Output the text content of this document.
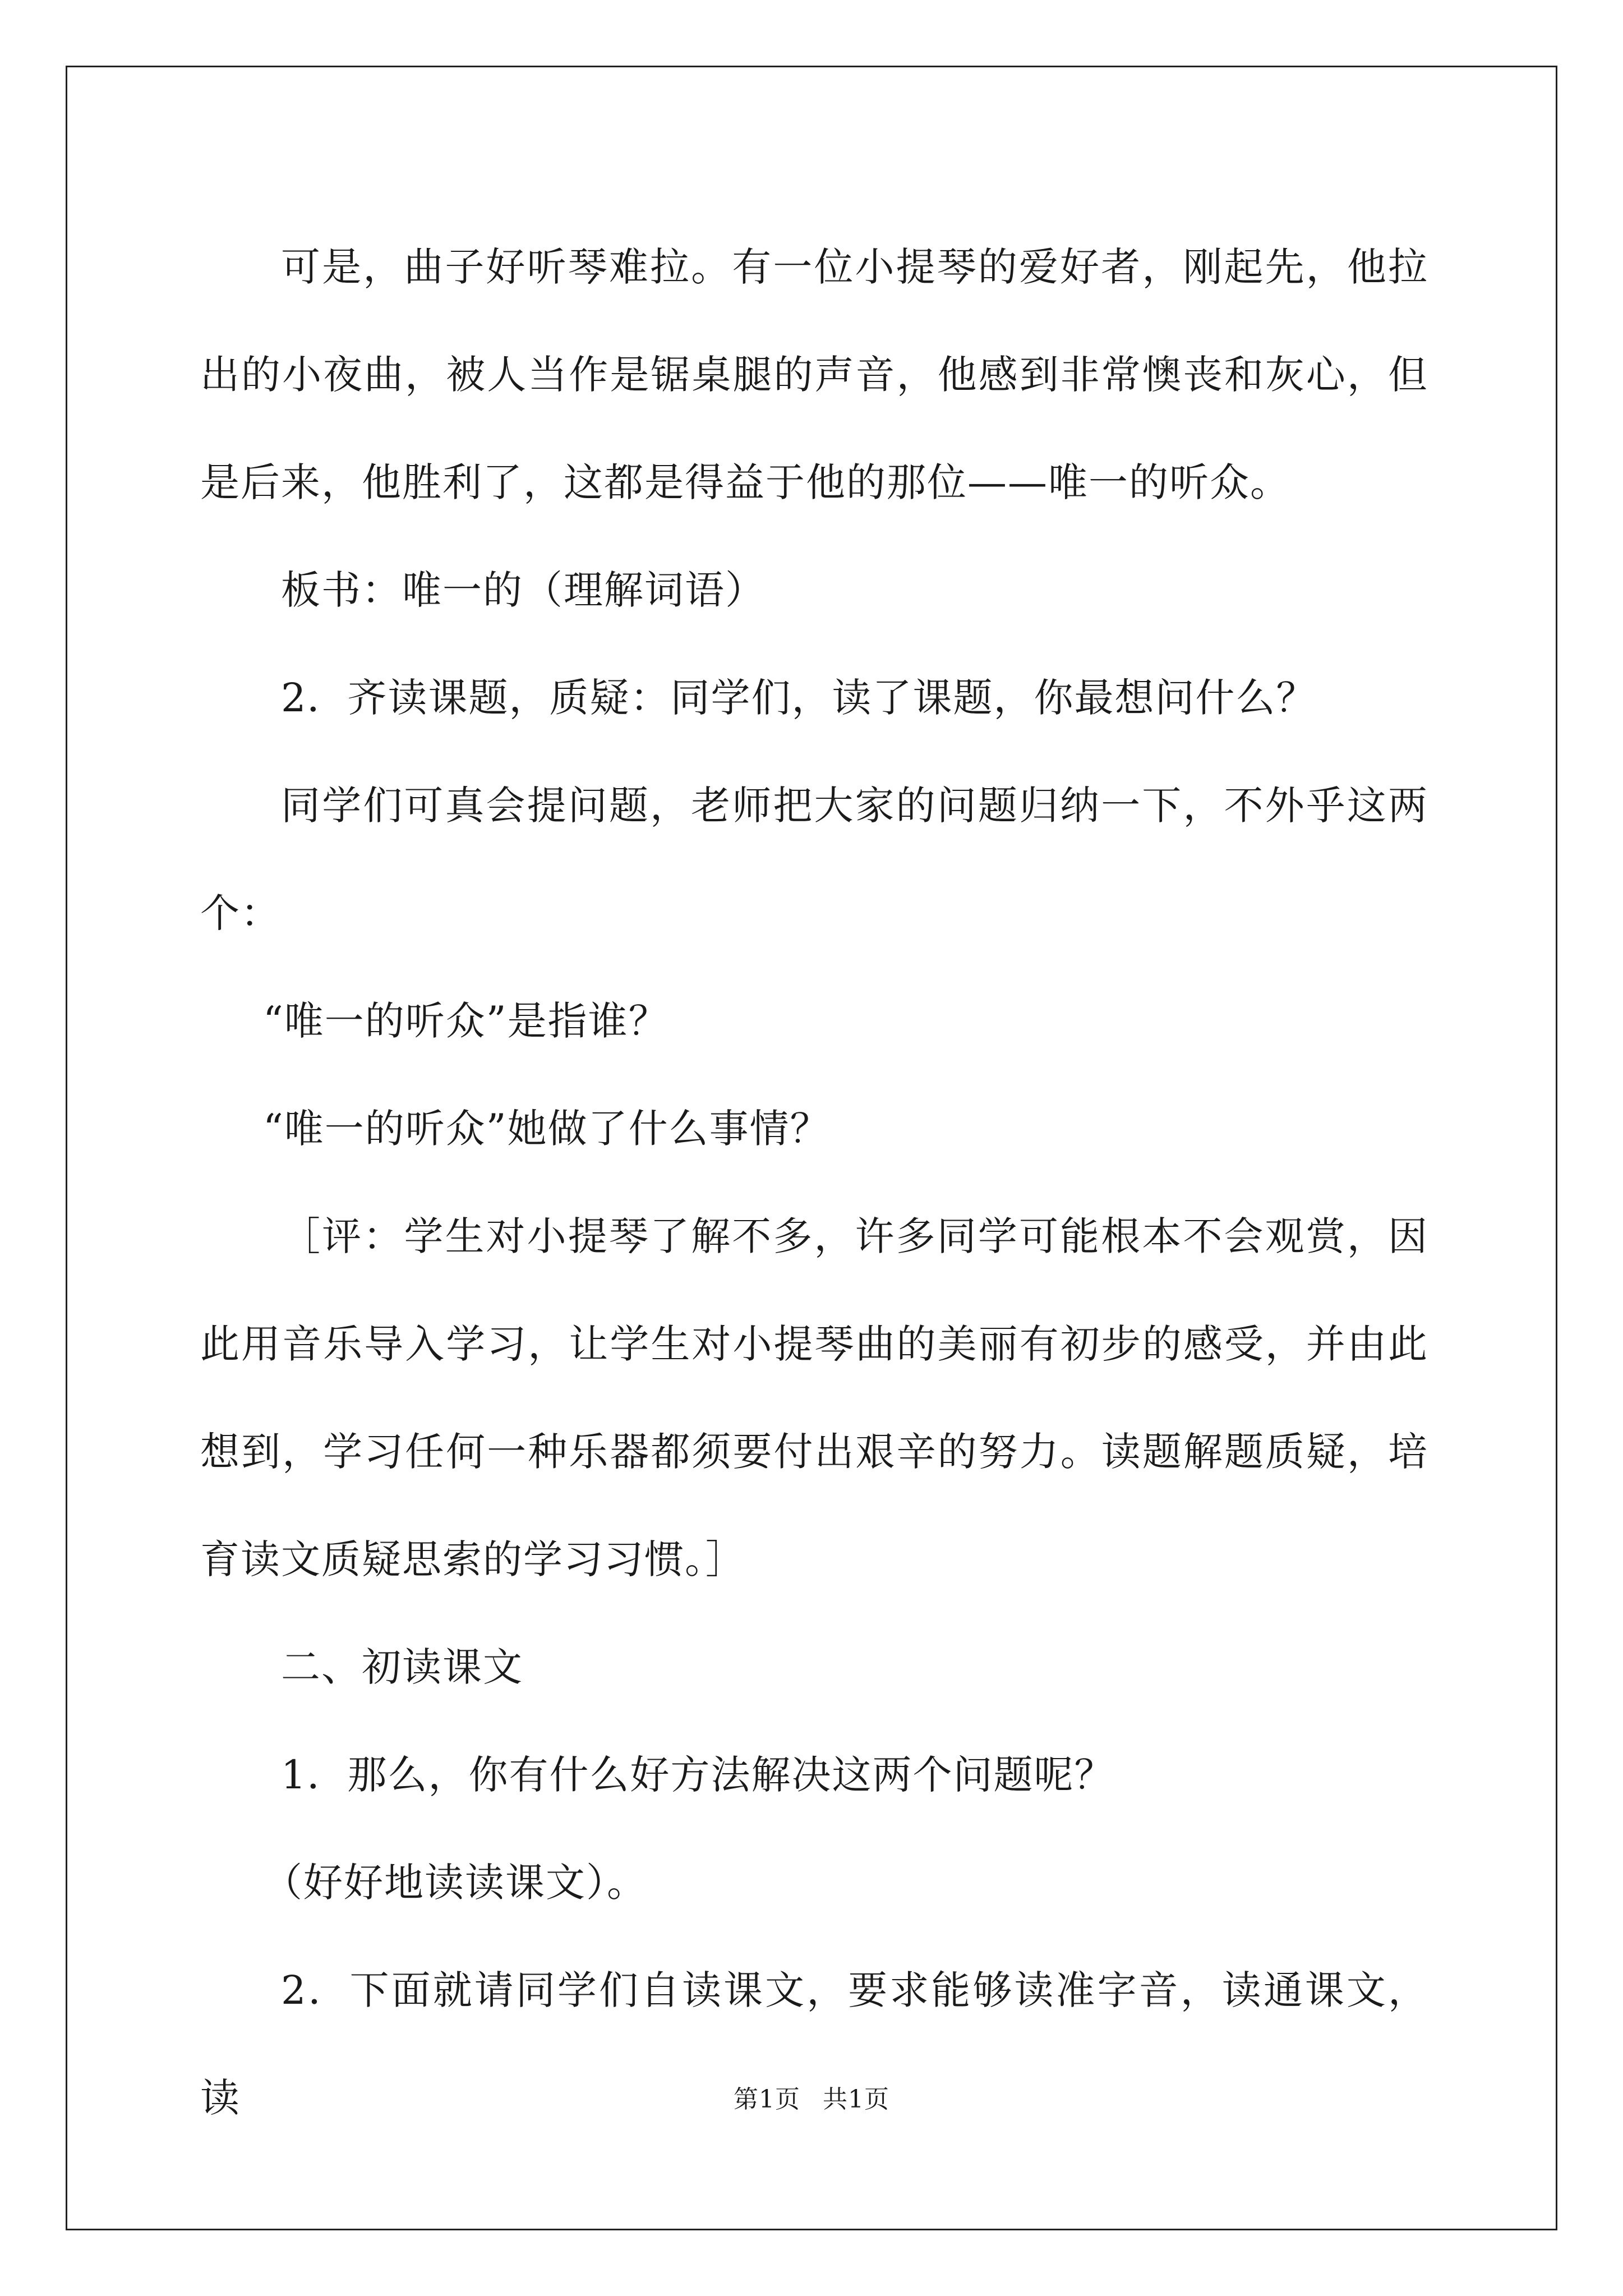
可是，曲子好听琴难拉。有一位小提琴的爱好者，刚起先，他拉出的小夜曲，被人当作是锯桌腿的声音，他感到非常懊丧和灰心，但是后来，他胜利了，这都是得益于他的那位——唯一的听众。

板书：唯一的（理解词语）

2．齐读课题，质疑：同学们，读了课题，你最想问什么？

同学们可真会提问题，老师把大家的问题归纳一下，不外乎这两个：

“唯一的听众”是指谁？

“唯一的听众”她做了什么事情？

［评：学生对小提琴了解不多，许多同学可能根本不会观赏，因此用音乐导入学习，让学生对小提琴曲的美丽有初步的感受，并由此想到，学习任何一种乐器都须要付出艰辛的努力。读题解题质疑，培育读文质疑思索的学习习惯。］

二、初读课文

1．那么，你有什么好方法解决这两个问题呢？

（好好地读读课文）。

2．下面就请同学们自读课文，要求能够读准字音，读通课文，读	第1页 共1页
